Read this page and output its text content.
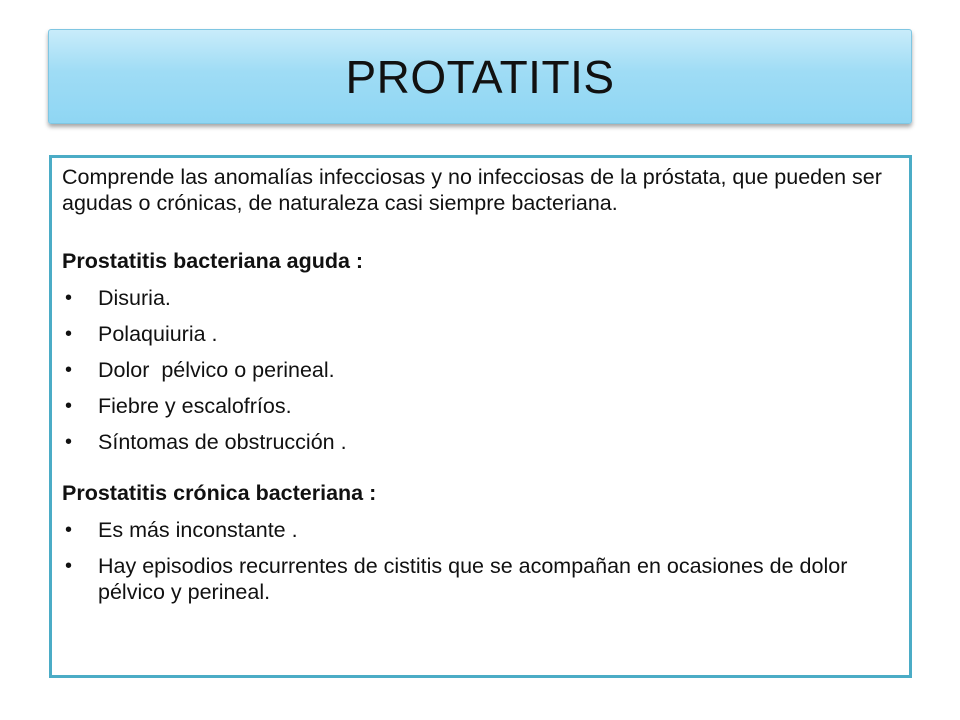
PROTATITIS

Comprende las anomalías infecciosas y no infecciosas de la próstata, que pueden ser agudas o crónicas, de naturaleza casi siempre bacteriana.

Prostatitis bacteriana aguda :

• Disuria.
• Polaquiuria .
• Dolor  pélvico o perineal.
• Fiebre y escalofríos.
• Síntomas de obstrucción .

Prostatitis crónica bacteriana :

• Es más inconstante .
• Hay episodios recurrentes de cistitis que se acompañan en ocasiones de dolor pélvico y perineal.
